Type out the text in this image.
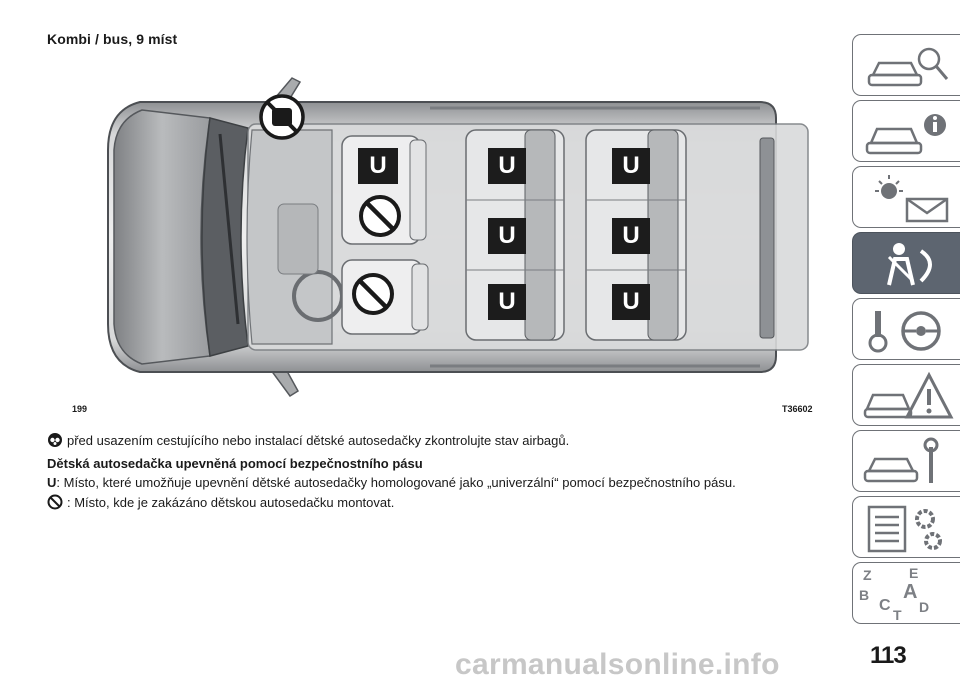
Kombi / bus, 9 míst
U	U
U
U
U
U
U
199	T36602
před usazením cestujícího nebo instalací dětské autosedačky zkontrolujte stav airbagů.
Dětská autosedačka upevněná pomocí bezpečnostního pásu
U: Místo, které umožňuje upevnění dětské autosedačky homologované jako „univerzální“ pomocí bezpečnostního pásu.
: Místo, kde je zakázáno dětskou autosedačku montovat.
Z	E
B A
C D
T
113
carmanualsonline.info
